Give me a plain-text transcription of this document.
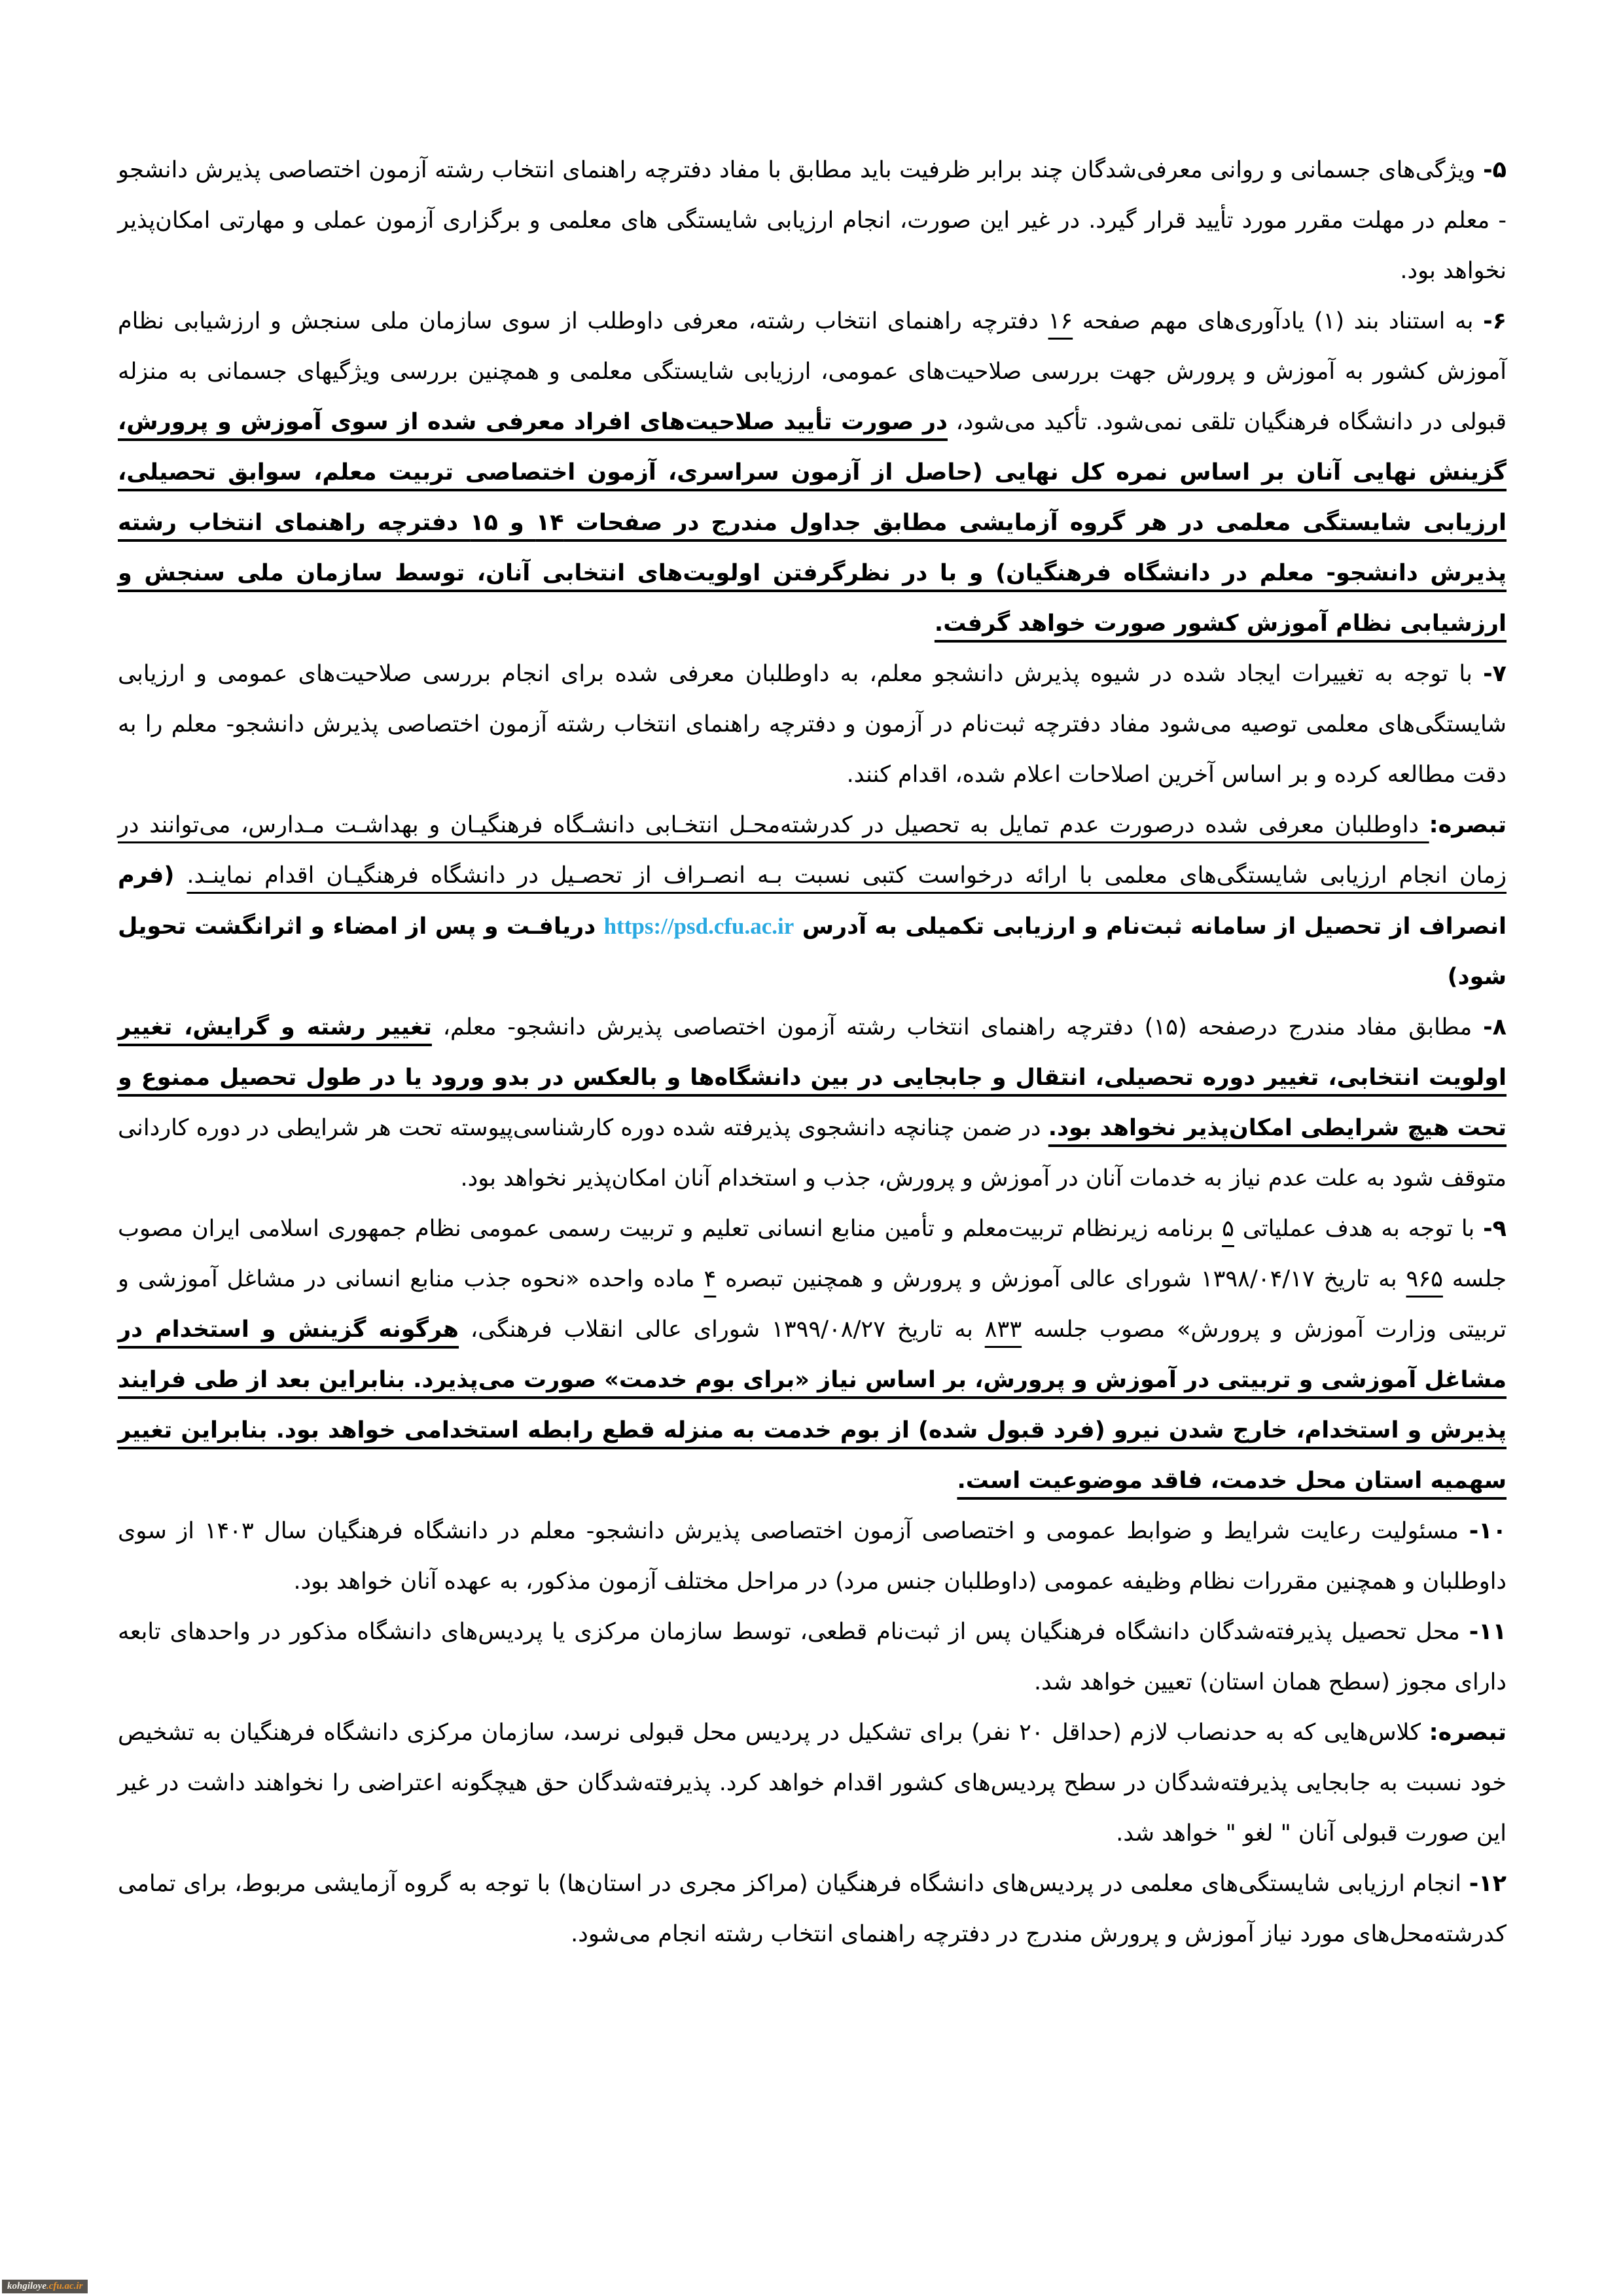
۵- ویژگی‌های جسمانی و روانی معرفی‌شدگان چند برابر ظرفیت باید مطابق با مفاد دفترچه راهنمای انتخاب رشته آزمون اختصاصی پذیرش دانشجو - معلم در مهلت مقرر مورد تأیید قرار گیرد. در غیر این صورت، انجام ارزیابی شایستگی های معلمی و برگزاری آزمون عملی و مهارتی امکان‌پذیر نخواهد بود.

۶- به استناد بند (۱) یادآوری‌های مهم صفحه ۱۶ دفترچه راهنمای انتخاب رشته، معرفی داوطلب از سوی سازمان ملی سنجش و ارزشیابی نظام آموزش کشور به آموزش و پرورش جهت بررسی صلاحیت‌های عمومی، ارزیابی شایستگی معلمی و همچنین بررسی ویژگیهای جسمانی به منزله قبولی در دانشگاه فرهنگیان تلقی نمی‌شود. تأکید می‌شود، در صورت تأیید صلاحیت‌های افراد معرفی شده از سوی آموزش و پرورش، گزینش نهایی آنان بر اساس نمره کل نهایی (حاصل از آزمون سراسری، آزمون اختصاصی تربیت معلم، سوابق تحصیلی، ارزیابی شایستگی معلمی در هر گروه آزمایشی مطابق جداول مندرج در صفحات ۱۴ و ۱۵ دفترچه راهنمای انتخاب رشته پذیرش دانشجو- معلم در دانشگاه فرهنگیان) و با در نظرگرفتن اولویت‌های انتخابی آنان، توسط سازمان ملی سنجش و ارزشیابی نظام آموزش کشور صورت خواهد گرفت.

۷- با توجه به تغییرات ایجاد شده در شیوه پذیرش دانشجو معلم، به داوطلبان معرفی شده برای انجام بررسی صلاحیت‌های عمومی و ارزیابی شایستگی‌های معلمی توصیه می‌شود مفاد دفترچه ثبت‌نام در آزمون و دفترچه راهنمای انتخاب رشته آزمون اختصاصی پذیرش دانشجو- معلم را به دقت مطالعه کرده و بر اساس آخرین اصلاحات اعلام شده، اقدام کنند.

تبصره: داوطلبان معرفی شده درصورت عدم تمایل به تحصیل در کدرشته‌محـل انتخـابی دانشـگاه فرهنگیـان و بهداشـت مـدارس، می‌توانند در زمان انجام ارزیابی شایستگی‌های معلمی با ارائه درخواست کتبی نسبت بـه انصـراف از تحصـیل در دانشگاه فرهنگیـان اقدام نماینـد. (فرم انصراف از تحصیل از سامانه ثبت‌نام و ارزیابی تکمیلی به آدرس https://psd.cfu.ac.ir دریافـت و پس از امضاء و اثرانگشت تحویل شود)

۸- مطابق مفاد مندرج درصفحه (۱۵) دفترچه راهنمای انتخاب رشته آزمون اختصاصی پذیرش دانشجو- معلم، تغییر رشته و گرایش، تغییر اولویت انتخابی، تغییر دوره تحصیلی، انتقال و جابجایی در بین دانشگاه‌ها و بالعکس در بدو ورود یا در طول تحصیل ممنوع و تحت هیچ شرایطی امکان‌پذیر نخواهد بود. در ضمن چنانچه دانشجوی پذیرفته شده دوره کارشناسی‌پیوسته تحت هر شرایطی در دوره کاردانی متوقف شود به علت عدم نیاز به خدمات آنان در آموزش و پرورش، جذب و استخدام آنان امکان‌پذیر نخواهد بود.

۹- با توجه به هدف عملیاتی ۵ برنامه زیرنظام تربیت‌معلم و تأمین منابع انسانی تعلیم و تربیت رسمی عمومی نظام جمهوری اسلامی ایران مصوب جلسه ۹۶۵ به تاریخ ۱۳۹۸/۰۴/۱۷ شورای عالی آموزش و پرورش و همچنین تبصره ۴ ماده واحده «نحوه جذب منابع انسانی در مشاغل آموزشی و تربیتی وزارت آموزش و پرورش» مصوب جلسه ۸۳۳ به تاریخ ۱۳۹۹/۰۸/۲۷ شورای عالی انقلاب فرهنگی، هرگونه گزینش و استخدام در مشاغل آموزشی و تربیتی در آموزش و پرورش، بر اساس نیاز «برای بوم خدمت» صورت می‌پذیرد. بنابراین بعد از طی فرایند پذیرش و استخدام، خارج شدن نیرو (فرد قبول شده) از بوم خدمت به منزله قطع رابطه استخدامی خواهد بود. بنابراین تغییر سهمیه استان محل خدمت، فاقد موضوعیت است.

۱۰- مسئولیت رعایت شرایط و ضوابط عمومی و اختصاصی آزمون اختصاصی پذیرش دانشجو- معلم در دانشگاه فرهنگیان سال ۱۴۰۳ از سوی داوطلبان و همچنین مقررات نظام وظیفه عمومی (داوطلبان جنس مرد) در مراحل مختلف آزمون مذکور، به عهده آنان خواهد بود.

۱۱- محل تحصیل پذیرفته‌شدگان دانشگاه فرهنگیان پس از ثبت‌نام قطعی، توسط سازمان مرکزی یا پردیس‌های دانشگاه مذکور در واحدهای تابعه دارای مجوز (سطح همان استان) تعیین خواهد شد.

تبصره: کلاس‌هایی که به حدنصاب لازم (حداقل ۲۰ نفر) برای تشکیل در پردیس محل قبولی نرسد، سازمان مرکزی دانشگاه فرهنگیان به تشخیص خود نسبت به جابجایی پذیرفته‌شدگان در سطح پردیس‌های کشور اقدام خواهد کرد. پذیرفته‌شدگان حق هیچگونه اعتراضی را نخواهند داشت در غیر این صورت قبولی آنان " لغو " خواهد شد.

۱۲- انجام ارزیابی شایستگی‌های معلمی در پردیس‌های دانشگاه فرهنگیان (مراکز مجری در استان‌ها) با توجه به گروه آزمایشی مربوط، برای تمامی کدرشته‌محل‌های مورد نیاز آموزش و پرورش مندرج در دفترچه راهنمای انتخاب رشته انجام می‌شود.

kohgiloye.cfu.ac.ir
